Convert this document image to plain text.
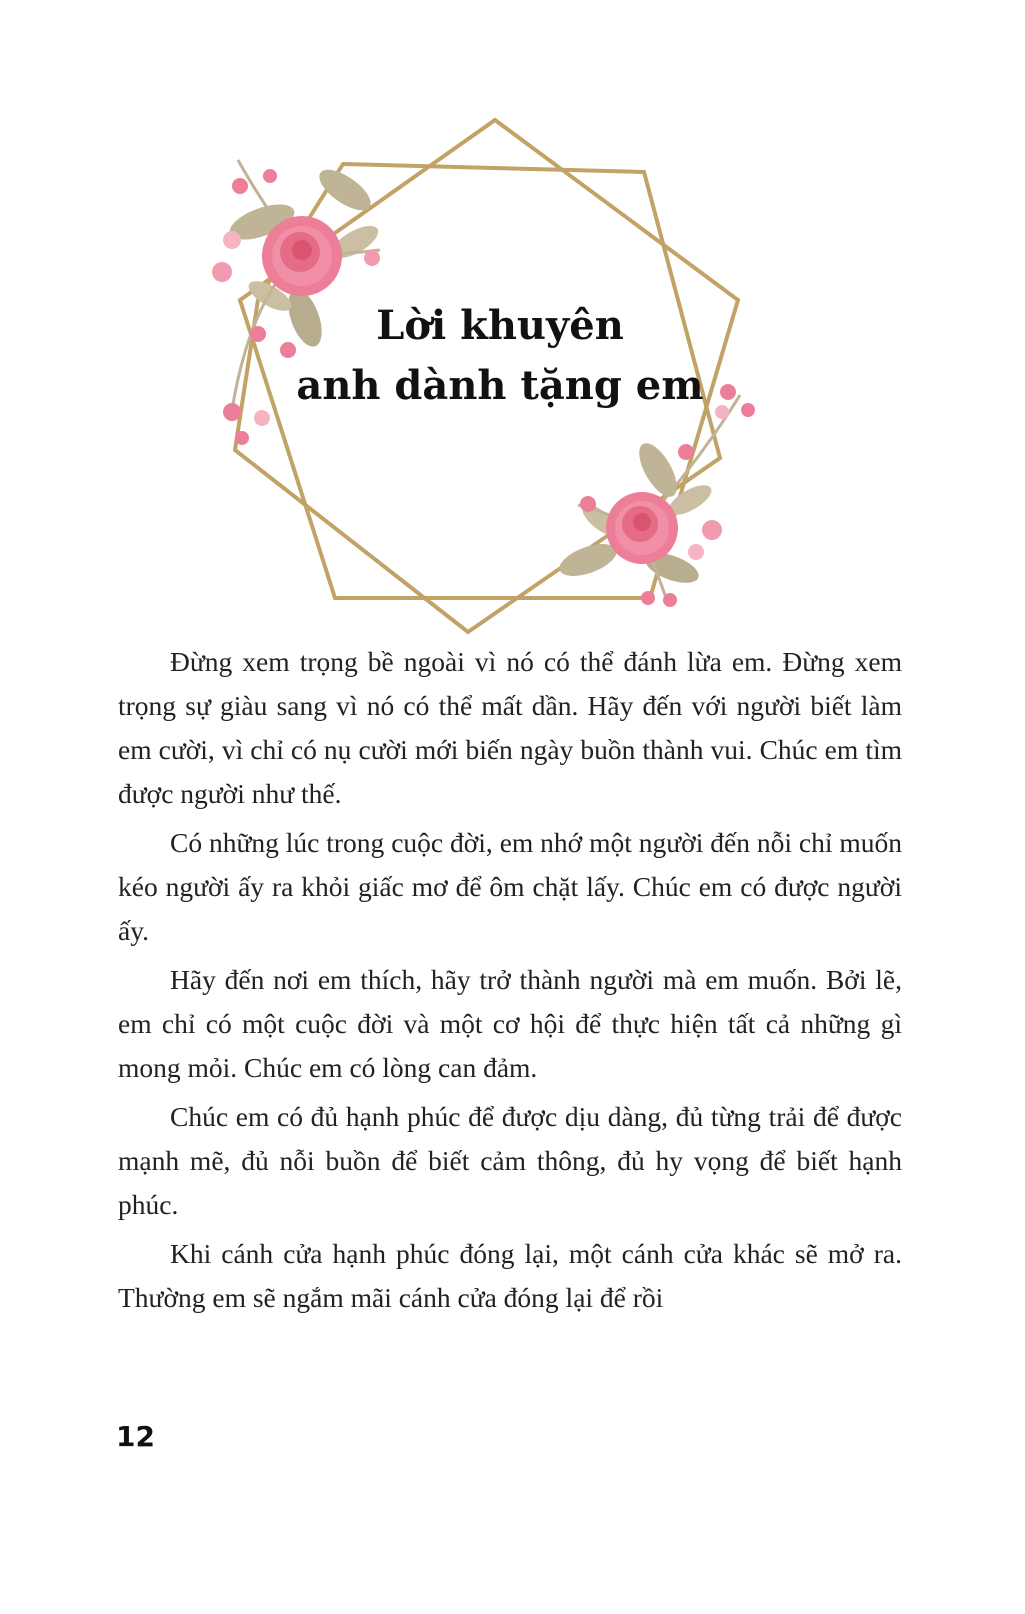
Lời khuyên
anh dành tặng em

Đừng xem trọng bề ngoài vì nó có thể đánh lừa em. Đừng xem trọng sự giàu sang vì nó có thể mất dần. Hãy đến với người biết làm em cười, vì chỉ có nụ cười mới biến ngày buồn thành vui. Chúc em tìm được người như thế.

Có những lúc trong cuộc đời, em nhớ một người đến nỗi chỉ muốn kéo người ấy ra khỏi giấc mơ để ôm chặt lấy. Chúc em có được người ấy.

Hãy đến nơi em thích, hãy trở thành người mà em muốn. Bởi lẽ, em chỉ có một cuộc đời và một cơ hội để thực hiện tất cả những gì mong mỏi. Chúc em có lòng can đảm.

Chúc em có đủ hạnh phúc để được dịu dàng, đủ từng trải để được mạnh mẽ, đủ nỗi buồn để biết cảm thông, đủ hy vọng để biết hạnh phúc.

Khi cánh cửa hạnh phúc đóng lại, một cánh cửa khác sẽ mở ra. Thường em sẽ ngắm mãi cánh cửa đóng lại để rồi

12
